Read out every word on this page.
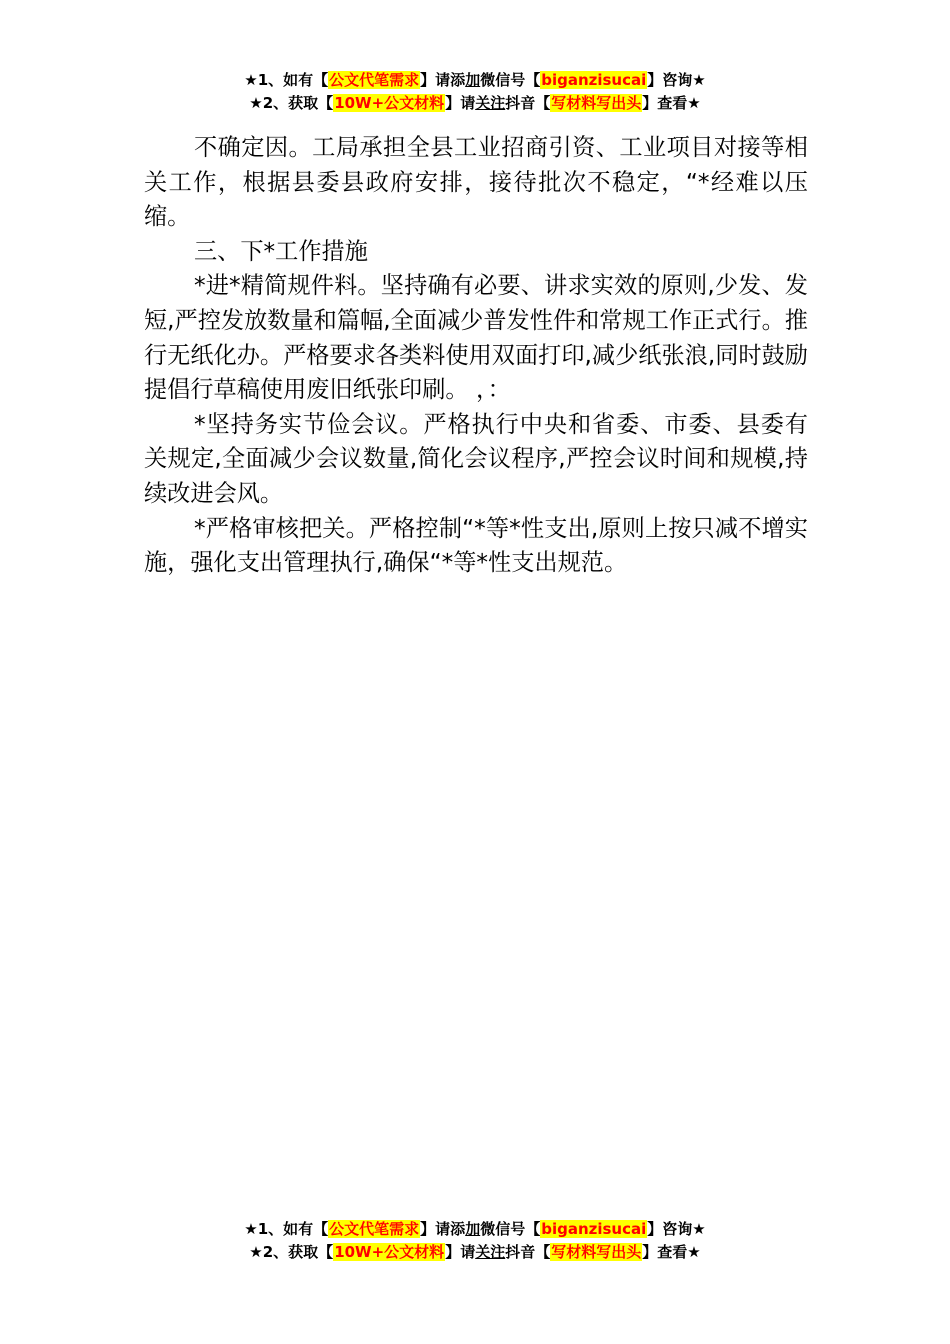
★1、如有【公文代笔需求】请添加微信号【biganzisucai】咨询★
★2、获取【10W+公文材料】请关注抖音【写材料写出头】查看★

不确定因。工局承担全县工业招商引资、工业项目对接等相关工作，根据县委县政府安排，接待批次不稳定，“*经难以压缩。

三、下*工作措施

*进*精简规件料。坚持确有必要、讲求实效的原则,少发、发短,严控发放数量和篇幅,全面减少普发性件和常规工作正式行。推行无纸化办。严格要求各类料使用双面打印,减少纸张浪,同时鼓励提倡行草稿使用废旧纸张印刷。 ，：

*坚持务实节俭会议。严格执行中央和省委、市委、县委有关规定,全面减少会议数量,简化会议程序,严控会议时间和规模,持续改进会风。

*严格审核把关。严格控制“*等*性支出,原则上按只减不增实施，强化支出管理执行,确保“*等*性支出规范。

★1、如有【公文代笔需求】请添加微信号【biganzisucai】咨询★
★2、获取【10W+公文材料】请关注抖音【写材料写出头】查看★
